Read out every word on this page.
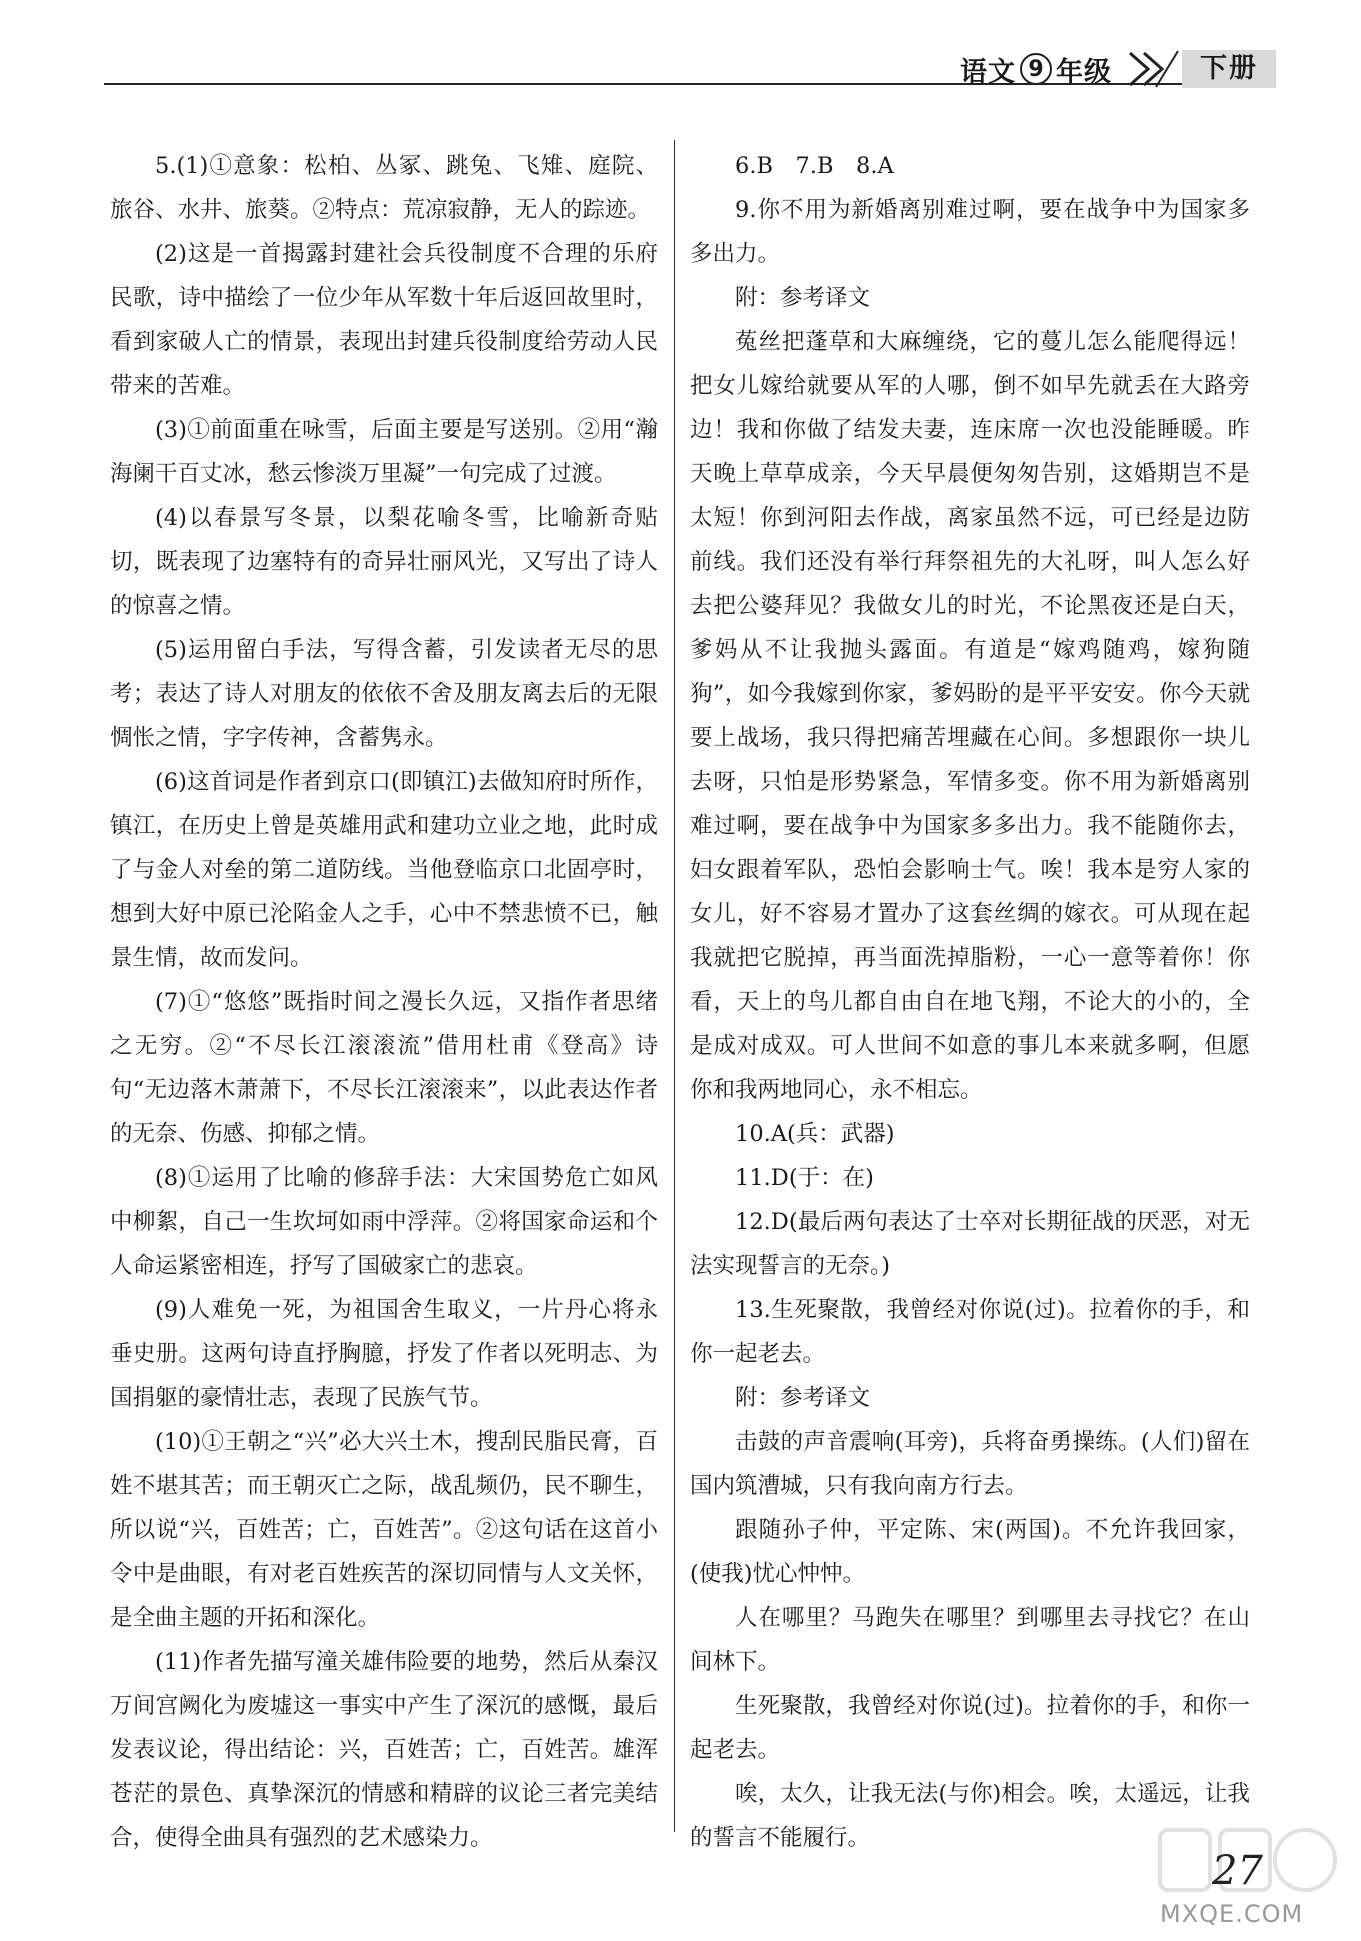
语文 9 年级	下册

5.(1)①意象：松柏、丛冢、跳兔、飞雉、庭院、旅谷、水井、旅葵。②特点：荒凉寂静，无人的踪迹。

(2)这是一首揭露封建社会兵役制度不合理的乐府民歌，诗中描绘了一位少年从军数十年后返回故里时，看到家破人亡的情景，表现出封建兵役制度给劳动人民带来的苦难。

(3)①前面重在咏雪，后面主要是写送别。②用“瀚海阑干百丈冰，愁云惨淡万里凝”一句完成了过渡。

(4)以春景写冬景，以梨花喻冬雪，比喻新奇贴切，既表现了边塞特有的奇异壮丽风光，又写出了诗人的惊喜之情。

(5)运用留白手法，写得含蓄，引发读者无尽的思考；表达了诗人对朋友的依依不舍及朋友离去后的无限惆怅之情，字字传神，含蓄隽永。

(6)这首词是作者到京口(即镇江)去做知府时所作，镇江，在历史上曾是英雄用武和建功立业之地，此时成了与金人对垒的第二道防线。当他登临京口北固亭时，想到大好中原已沦陷金人之手，心中不禁悲愤不已，触景生情，故而发问。

(7)①“悠悠”既指时间之漫长久远，又指作者思绪之无穷。②“不尽长江滚滚流”借用杜甫《登高》诗句“无边落木萧萧下，不尽长江滚滚来”，以此表达作者的无奈、伤感、抑郁之情。

(8)①运用了比喻的修辞手法：大宋国势危亡如风中柳絮，自己一生坎坷如雨中浮萍。②将国家命运和个人命运紧密相连，抒写了国破家亡的悲哀。

(9)人难免一死，为祖国舍生取义，一片丹心将永垂史册。这两句诗直抒胸臆，抒发了作者以死明志、为国捐躯的豪情壮志，表现了民族气节。

(10)①王朝之“兴”必大兴土木，搜刮民脂民膏，百姓不堪其苦；而王朝灭亡之际，战乱频仍，民不聊生，所以说“兴，百姓苦；亡，百姓苦”。②这句话在这首小令中是曲眼，有对老百姓疾苦的深切同情与人文关怀，是全曲主题的开拓和深化。

(11)作者先描写潼关雄伟险要的地势，然后从秦汉万间宫阙化为废墟这一事实中产生了深沉的感慨，最后发表议论，得出结论：兴，百姓苦；亡，百姓苦。雄浑苍茫的景色、真挚深沉的情感和精辟的议论三者完美结合，使得全曲具有强烈的艺术感染力。

6.B　7.B　8.A

9.你不用为新婚离别难过啊，要在战争中为国家多多出力。

附：参考译文

菟丝把蓬草和大麻缠绕，它的蔓儿怎么能爬得远！把女儿嫁给就要从军的人哪，倒不如早先就丢在大路旁边！我和你做了结发夫妻，连床席一次也没能睡暖。昨天晚上草草成亲，今天早晨便匆匆告别，这婚期岂不是太短！你到河阳去作战，离家虽然不远，可已经是边防前线。我们还没有举行拜祭祖先的大礼呀，叫人怎么好去把公婆拜见？我做女儿的时光，不论黑夜还是白天，爹妈从不让我抛头露面。有道是“嫁鸡随鸡，嫁狗随狗”，如今我嫁到你家，爹妈盼的是平平安安。你今天就要上战场，我只得把痛苦埋藏在心间。多想跟你一块儿去呀，只怕是形势紧急，军情多变。你不用为新婚离别难过啊，要在战争中为国家多多出力。我不能随你去，妇女跟着军队，恐怕会影响士气。唉！我本是穷人家的女儿，好不容易才置办了这套丝绸的嫁衣。可从现在起我就把它脱掉，再当面洗掉脂粉，一心一意等着你！你看，天上的鸟儿都自由自在地飞翔，不论大的小的，全是成对成双。可人世间不如意的事儿本来就多啊，但愿你和我两地同心，永不相忘。

10.A(兵：武器)

11.D(于：在)

12.D(最后两句表达了士卒对长期征战的厌恶，对无法实现誓言的无奈。)

13.生死聚散，我曾经对你说(过)。拉着你的手，和你一起老去。

附：参考译文

击鼓的声音震响(耳旁)，兵将奋勇操练。(人们)留在国内筑漕城，只有我向南方行去。

跟随孙子仲，平定陈、宋(两国)。不允许我回家，(使我)忧心忡忡。

人在哪里？马跑失在哪里？到哪里去寻找它？在山间林下。

生死聚散，我曾经对你说(过)。拉着你的手，和你一起老去。

唉，太久，让我无法(与你)相会。唉，太遥远，让我的誓言不能履行。

27
MXQE.COM
